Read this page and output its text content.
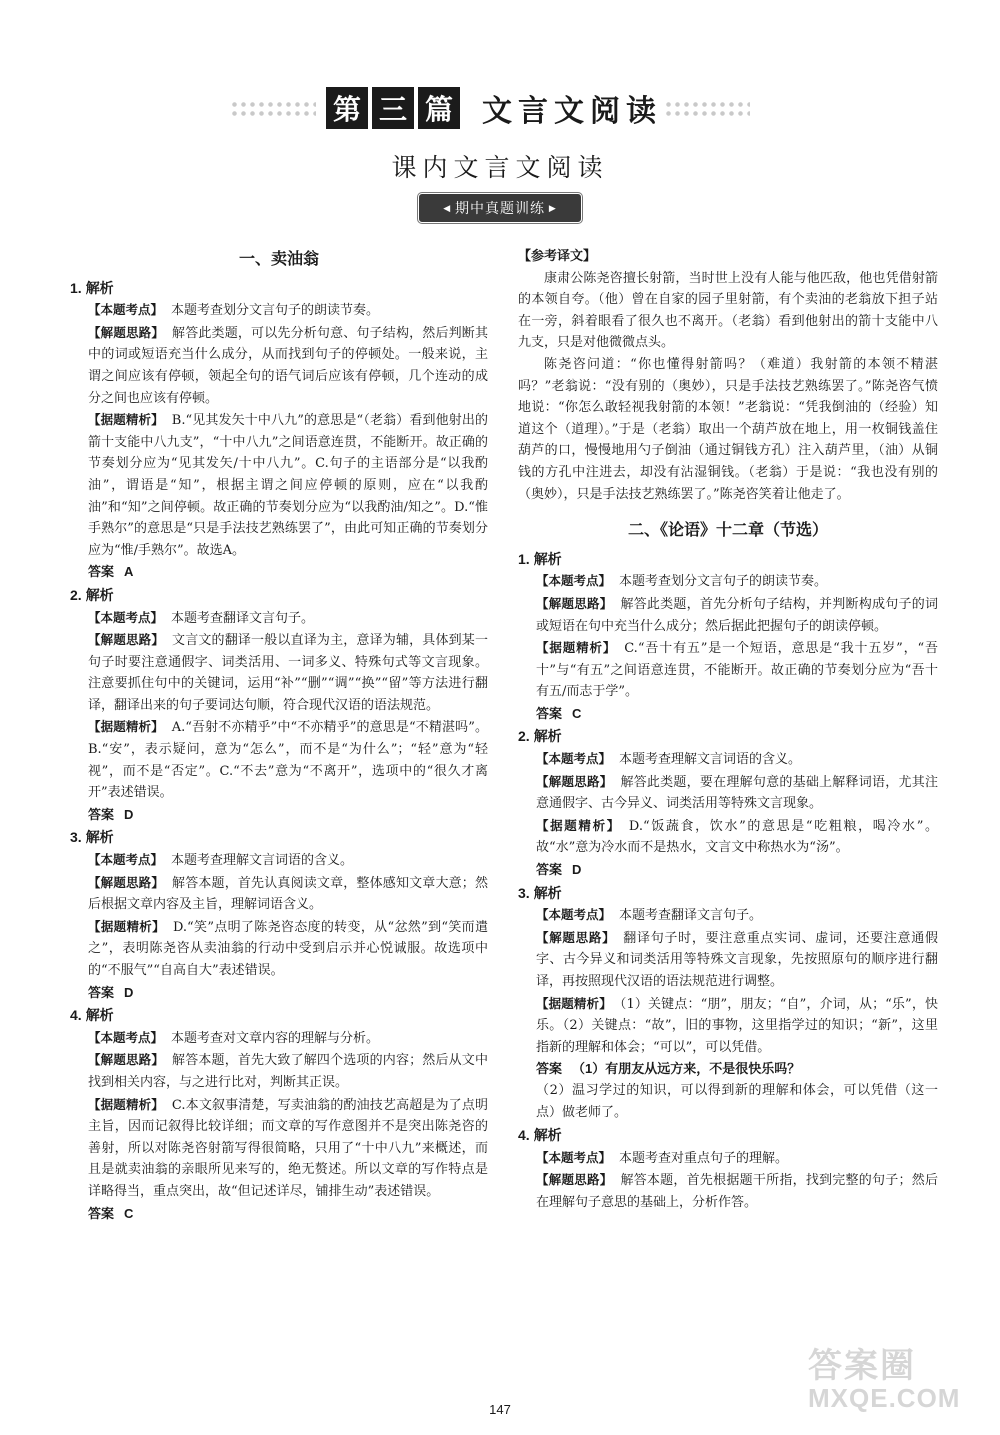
第 三 篇 文言文阅读
课内文言文阅读
◀ 期中真题训练 ▶
一、卖油翁
1. 解析

【本题考点】 本题考查划分文言句子的朗读节奏。

【解题思路】 解答此类题，可以先分析句意、句子结构，然后判断其中的词或短语充当什么成分，从而找到句子的停顿处。一般来说，主谓之间应该有停顿，领起全句的语气词后应该有停顿，几个连动的成分之间也应该有停顿。

【据题精析】 B.“见其发矢十中八九”的意思是“（老翁）看到他射出的箭十支能中八九支”，“十中八九”之间语意连贯，不能断开。故正确的节奏划分应为“见其发矢/十中八九”。C.句子的主语部分是“以我酌油”，谓语是“知”，根据主谓之间应停顿的原则，应在“以我酌油”和“知”之间停顿。故正确的节奏划分应为“以我酌油/知之”。D.“惟手熟尔”的意思是“只是手法技艺熟练罢了”，由此可知正确的节奏划分应为“惟/手熟尔”。故选A。

答案 A
2. 解析

【本题考点】 本题考查翻译文言句子。

【解题思路】 文言文的翻译一般以直译为主，意译为辅，具体到某一句子时要注意通假字、词类活用、一词多义、特殊句式等文言现象。注意要抓住句中的关键词，运用“补”“删”“调”“换”“留”等方法进行翻译，翻译出来的句子要词达句顺，符合现代汉语的语法规范。

【据题精析】 A.“吾射不亦精乎”中“不亦精乎”的意思是“不精湛吗”。B.“安”，表示疑问，意为“怎么”，而不是“为什么”；“轻”意为“轻视”，而不是“否定”。C.“不去”意为“不离开”，选项中的“很久才离开”表述错误。

答案 D
3. 解析

【本题考点】 本题考查理解文言词语的含义。

【解题思路】 解答本题，首先认真阅读文章，整体感知文章大意；然后根据文章内容及主旨，理解词语含义。

【据题精析】 D.“笑”点明了陈尧咨态度的转变，从“忿然”到“笑而遣之”，表明陈尧咨从卖油翁的行动中受到启示并心悦诚服。故选项中的“不服气”“自高自大”表述错误。

答案 D
4. 解析

【本题考点】 本题考查对文章内容的理解与分析。

【解题思路】 解答本题，首先大致了解四个选项的内容；然后从文中找到相关内容，与之进行比对，判断其正误。

【据题精析】 C.本文叙事清楚，写卖油翁的酌油技艺高超是为了点明主旨，因而记叙得比较详细；而文章的写作意图并不是突出陈尧咨的善射，所以对陈尧咨射箭写得很简略，只用了“十中八九”来概述，而且是就卖油翁的亲眼所见来写的，绝无赘述。所以文章的写作特点是详略得当，重点突出，故“但记述详尽，铺排生动”表述错误。

答案 C
【参考译文】

康肃公陈尧咨擅长射箭，当时世上没有人能与他匹敌，他也凭借射箭的本领自夸。（他）曾在自家的园子里射箭，有个卖油的老翁放下担子站在一旁，斜着眼看了很久也不离开。（老翁）看到他射出的箭十支能中八九支，只是对他微微点头。

陈尧咨问道：“你也懂得射箭吗？（难道）我射箭的本领不精湛吗？”老翁说：“没有别的（奥妙），只是手法技艺熟练罢了。”陈尧咨气愤地说：“你怎么敢轻视我射箭的本领！”老翁说：“凭我倒油的（经验）知道这个（道理）。”于是（老翁）取出一个葫芦放在地上，用一枚铜钱盖住葫芦的口，慢慢地用勺子倒油（通过铜钱方孔）注入葫芦里，（油）从铜钱的方孔中注进去，却没有沾湿铜钱。（老翁）于是说：“我也没有别的（奥妙），只是手法技艺熟练罢了。”陈尧咨笑着让他走了。

二、《论语》十二章（节选）
1. 解析

【本题考点】 本题考查划分文言句子的朗读节奏。

【解题思路】 解答此类题，首先分析句子结构，并判断构成句子的词或短语在句中充当什么成分；然后据此把握句子的朗读停顿。

【据题精析】 C.“吾十有五”是一个短语，意思是“我十五岁”，“吾十”与“有五”之间语意连贯，不能断开。故正确的节奏划分应为“吾十有五/而志于学”。

答案 C
2. 解析

【本题考点】 本题考查理解文言词语的含义。

【解题思路】 解答此类题，要在理解句意的基础上解释词语，尤其注意通假字、古今异义、词类活用等特殊文言现象。

【据题精析】 D.“饭蔬食，饮水”的意思是“吃粗粮，喝冷水”。故“水”意为冷水而不是热水，文言文中称热水为“汤”。

答案 D
3. 解析

【本题考点】 本题考查翻译文言句子。

【解题思路】 翻译句子时，要注意重点实词、虚词，还要注意通假字、古今异义和词类活用等特殊文言现象，先按照原句的顺序进行翻译，再按照现代汉语的语法规范进行调整。

【据题精析】 （1）关键点：“朋”，朋友；“自”，介词，从；“乐”，快乐。（2）关键点：“故”，旧的事物，这里指学过的知识；“新”，这里指新的理解和体会；“可以”，可以凭借。

答案 （1）有朋友从远方来，不是很快乐吗？

（2）温习学过的知识，可以得到新的理解和体会，可以凭借（这一点）做老师了。

4. 解析

【本题考点】 本题考查对重点句子的理解。

【解题思路】 解答本题，首先根据题干所指，找到完整的句子；然后在理解句子意思的基础上，分析作答。

147
答案圈
MXQE.COM
